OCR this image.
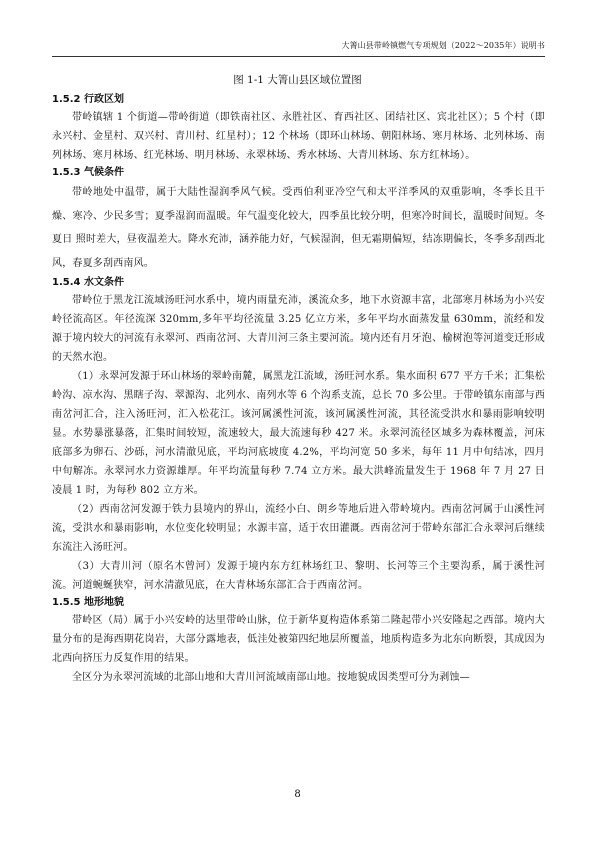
大箐山县带岭镇燃气专项规划（2022～2035年）说明书
图 1-1 大箐山县区域位置图

1.5.2 行政区划

带岭镇辖 1 个街道—带岭街道（即铁南社区、永胜社区、育西社区、团结社区、宾北社区）；5 个村（即永兴村、金星村、双兴村、青川村、红星村）；12 个林场（即环山林场、朝阳林场、寒月林场、北列林场、南列林场、寒月林场、红光林场、明月林场、永翠林场、秀水林场、大青川林场、东方红林场）。

1.5.3 气候条件

带岭地处中温带，属于大陆性湿润季风气候。受西伯利亚冷空气和太平洋季风的双重影响，冬季长且干燥、寒冷、少民多雪；夏季湿润而温暖。年气温变化较大，四季虽比较分明，但寒冷时间长，温暖时间短。冬夏日 照时差大，昼夜温差大。降水充沛，涵养能力好，气候湿润，但无霜期偏短，结冻期偏长，冬季多刮西北风，春夏多刮西南风。

1.5.4 水文条件

带岭位于黑龙江流域汤旺河水系中，境内雨量充沛，溪流众多，地下水资源丰富，北部寒月林场为小兴安岭径流高区。年径流深 320mm,多年平均径流量 3.25 亿立方米，多年平均水面蒸发量 630mm，流经和发源于境内较大的河流有永翠河、西南岔河、大青川河三条主要河流。境内还有月牙泡、榆树泡等河道变迁形成的天然水泡。

（1）永翠河发源于环山林场的翠岭南麓，属黑龙江流域，汤旺河水系。集水面积 677 平方千米；汇集松岭沟、凉水沟、黑瞎子沟、翠源沟、北列水、南列水等 6 个沟系支流，总长 70 多公里。于带岭镇东南部与西南岔河汇合，注入汤旺河，汇入松花江。该河属溪性河流，该河属溪性河流，其径流受洪水和暴雨影响较明显。水势暴涨暴落，汇集时间较短，流速较大，最大流速每秒 427 米。永翠河流径区域多为森林覆盖，河床底部多为卵石、沙砾，河水清澈见底，平均河底坡度 4.2%，平均河宽 50 多米，每年 11 月中旬结冰，四月中旬解冻。永翠河水力资源雄厚。年平均流量每秒 7.74 立方米。最大洪峰流量发生于 1968 年 7 月 27 日凌晨 1 时，为每秒 802 立方米。

（2）西南岔河发源于铁力县境内的界山，流经小白、朗乡等地后进入带岭境内。西南岔河属于山溪性河流，受洪水和暴雨影响，水位变化较明显；水源丰富，适于农田灌溉。西南岔河于带岭东部汇合永翠河后继续东流注入汤旺河。

（3）大青川河（原名木曾河）发源于境内东方红林场红卫、黎明、长河等三个主要沟系，属于溪性河流。河道蜿蜒狭窄，河水清澈见底，在大青林场东部汇合于西南岔河。

1.5.5 地形地貌

带岭区（局）属于小兴安岭的达里带岭山脉，位于新华夏构造体系第二隆起带小兴安隆起之西部。境内大量分布的是海西期花岗岩，大部分露地表，低洼处被第四纪地层所覆盖，地质构造多为北东向断裂，其成因为北西向挤压力反复作用的结果。

全区分为永翠河流域的北部山地和大青川河流域南部山地。按地貌成因类型可分为剥蚀—

8
